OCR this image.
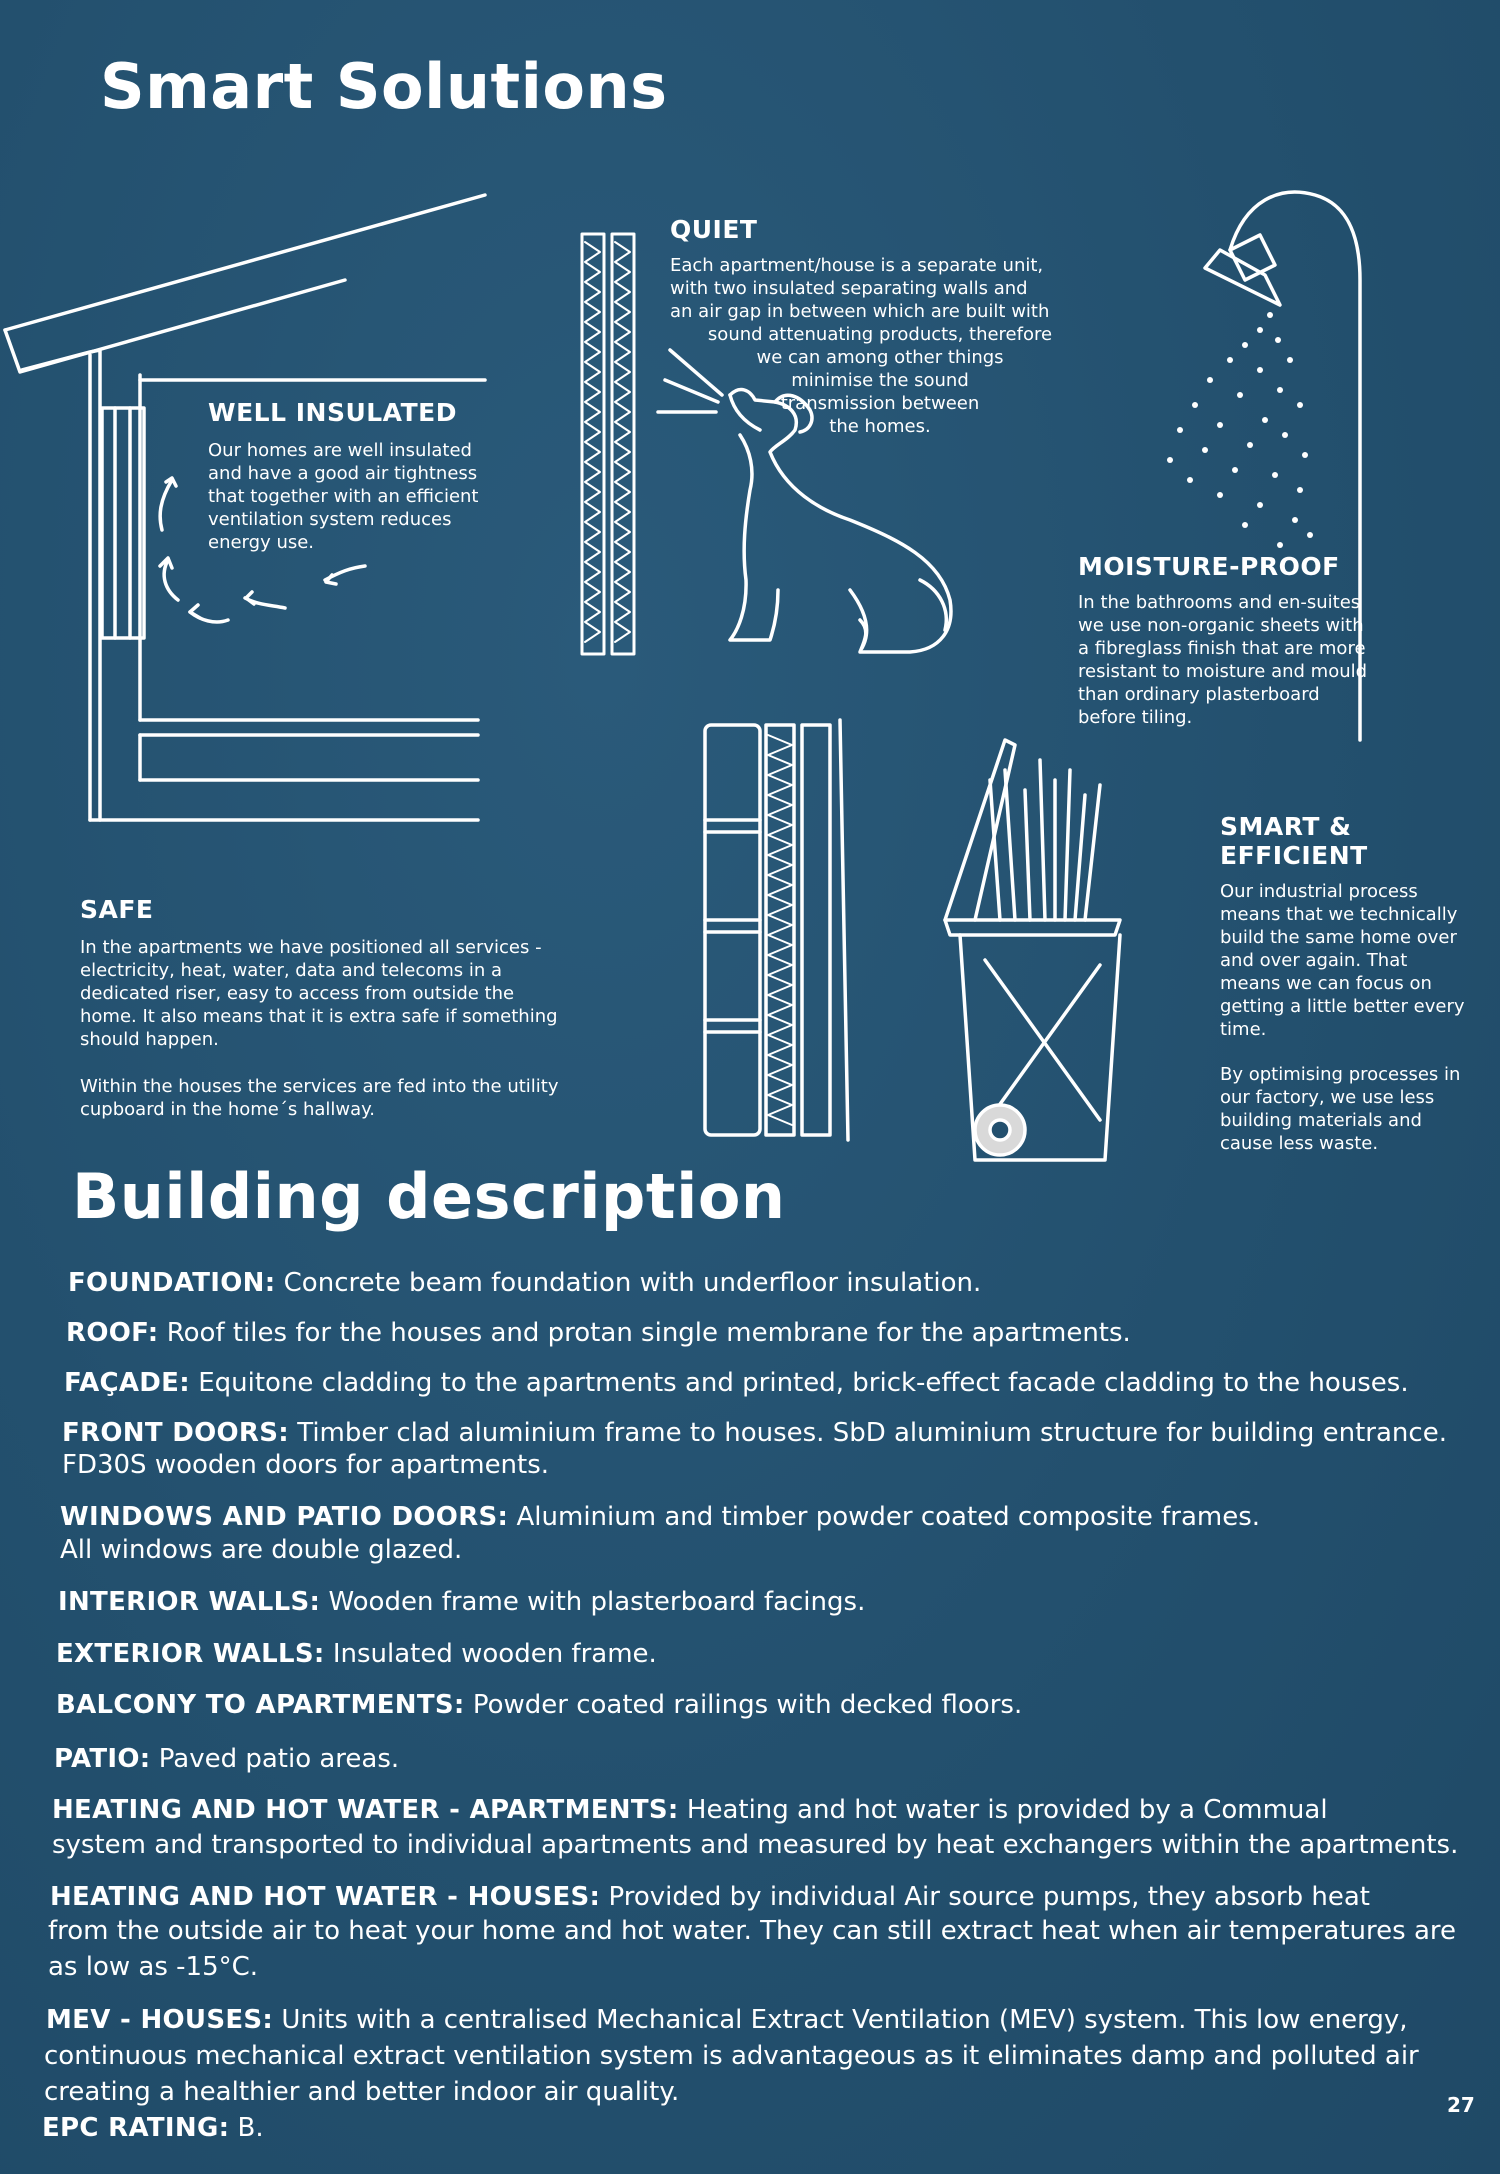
Smart Solutions
QUIET
Each apartment/house is a separate unit,
with two insulated separating walls and
an air gap in between which are built with
sound attenuating products, therefore
we can among other things
minimise the sound
transmission between
the homes.
WELL INSULATED
Our homes are well insulated
and have a good air tightness
that together with an efficient
ventilation system reduces
energy use.
MOISTURE-PROOF
In the bathrooms and en-suites
we use non-organic sheets with
a fibreglass finish that are more
resistant to moisture and mould
than ordinary plasterboard
before tiling.
SMART &
EFFICIENT
Our industrial process
means that we technically
build the same home over
and over again. That
means we can focus on
getting a little better every
time.
By optimising processes in
our factory, we use less
building materials and
cause less waste.
SAFE
In the apartments we have positioned all services -
electricity, heat, water, data and telecoms in a
dedicated riser, easy to access from outside the
home. It also means that it is extra safe if something
should happen.
Within the houses the services are fed into the utility
cupboard in the home´s hallway.
Building description
FOUNDATION: Concrete beam foundation with underfloor insulation.
ROOF: Roof tiles for the houses and protan single membrane for the apartments.
FAÇADE: Equitone cladding to the apartments and printed, brick-effect facade cladding to the houses.
FRONT DOORS: Timber clad aluminium frame to houses. SbD aluminium structure for building entrance.
FD30S wooden doors for apartments.
WINDOWS AND PATIO DOORS: Aluminium and timber powder coated composite frames.
All windows are double glazed.
INTERIOR WALLS: Wooden frame with plasterboard facings.
EXTERIOR WALLS: Insulated wooden frame.
BALCONY TO APARTMENTS: Powder coated railings with decked floors.
PATIO: Paved patio areas.
HEATING AND HOT WATER - APARTMENTS: Heating and hot water is provided by a Commual
system and transported to individual apartments and measured by heat exchangers within the apartments.
HEATING AND HOT WATER - HOUSES: Provided by individual Air source pumps, they absorb heat
from the outside air to heat your home and hot water. They can still extract heat when air temperatures are
as low as -15°C.
MEV - HOUSES: Units with a centralised Mechanical Extract Ventilation (MEV) system. This low energy,
continuous mechanical extract ventilation system is advantageous as it eliminates damp and polluted air
creating a healthier and better indoor air quality.
EPC RATING: B.
27
